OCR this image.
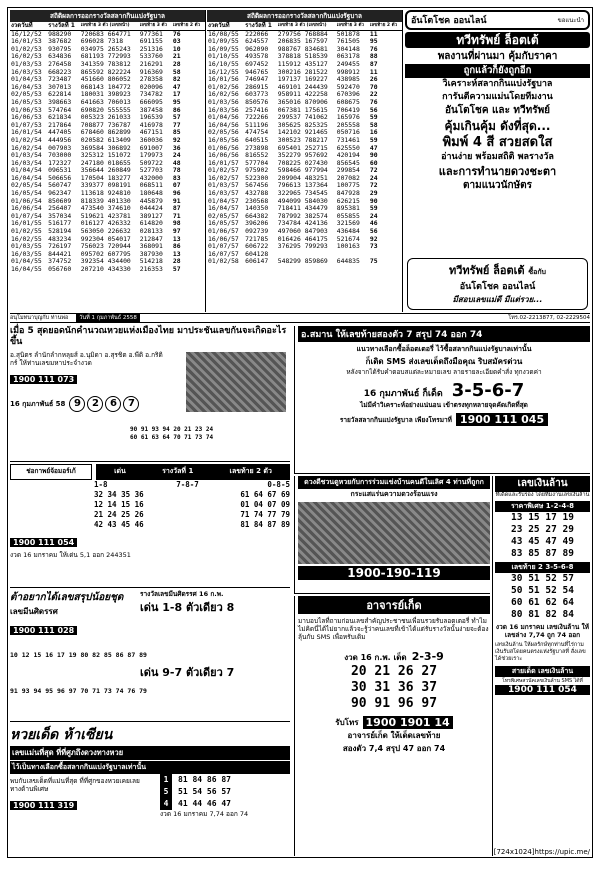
สถิติผลการออกรางวัลสลากกินแบ่งรัฐบาล
งวดวันที่	รางวัลที่ 1	เลขท้าย 3 ตัว (เลขหน้า)	เลขท้าย 3 ตัว	เลขท้าย 2 ตัว
16/12/52	988290	720683 664771	977361	76
16/01/53	387682	696028 7318	691155	03
01/02/53	930795	034975 265243	251316	10
16/02/53	634836	681193 772993	533760	21
01/03/53	276458	341359 783812	216291	28
16/03/53	668223	865592 822224	916369	58
01/04/53	723487	451660 806052	278358	82
16/04/53	307013	068143 104772	020096	47
02/05/53	622814	180031 398923	734782	17
16/05/53	398663	641663 706013	666095	95
01/06/53	574764	690820 555555	387458	86
16/06/53	621834	005323 261033	196539	57
01/07/53	217864	708877 736787	416978	77
16/01/54	447405	678460 862899	467151	85
01/02/54	444956	020582 613409	360036	92
16/02/54	007903	369584 306892	691007	36
01/03/54	703000	325312 151072	179973	24
16/03/54	172327	247180 018655	509722	48
01/04/54	096531	356644 260849	527703	78
16/04/54	506656	170504 183277	432000	83
02/05/54	560747	339377 098191	068511	07
16/05/54	962347	113618 924810	180648	96
01/06/54	850609	818339 401330	445879	91
16/06/54	256407	473540 374610	044424	87
01/07/54	357034	519621 423781	389127	71
16/01/55	516177	016127 426332	614820	98
01/02/55	528194	563050 226632	028133	97
16/02/55	483234	992304 054017	212847	13
01/03/55	726197	756023 720944	368091	86
16/03/55	844421	095702 607795	387930	13
01/04/55	374752	392354 434400	514218	28
16/04/55	056760	207210 434330	216353	57
สถิติผลการออกรางวัลสลากกินแบ่งรัฐบาล
งวดวันที่	รางวัลที่ 1	เลขท้าย 3 ตัว (เลขหน้า)	เลขท้าย 3 ตัว	เลขท้าย 2 ตัว
16/08/55	222066	279756 768884	501878	11
01/09/55	624557	206835 167597	761505	95
16/09/55	962090	988767 834681	304148	76
01/10/55	493578	378818 518539	063178	88
16/10/55	697452	115912 435127	249455	87
16/12/55	946765	300216 281522	998912	11
16/01/56	746947	197137 169227	438985	26
01/02/56	286915	469101 244439	592470	70
16/02/56	603773	958911 422258	670396	22
01/03/56	850576	365016 870906	608675	76
16/03/56	257416	067381 175615	706419	56
01/04/56	722266	299537 741062	165976	59
16/04/56	511196	305625 825325	205558	58
02/05/56	474754	142102 921465	050716	16
16/05/56	640515	300523 788217	731461	59
01/06/56	273898	695401 252715	625550	47
16/06/56	816552	352279 957692	420194	90
16/01/57	577704	708225 027430	856545	60
01/02/57	975902	598466 977994	299854	72
16/02/57	522300	209904 483251	207082	24
01/03/57	567456	796613 137364	100775	72
16/03/57	432788	322965 734545	847928	29
01/04/57	230568	494099 584030	626215	90
16/04/57	140350	718411 434479	895381	59
02/05/57	664382	787992 382574	055855	24
16/05/57	396206	734784 424136	321569	46
01/06/57	092739	497060 847903	436484	56
16/06/57	721785	016426 464175	521674	92
01/07/57	606722	376295 799293	100163	73
16/07/57	604128			
01/02/58	606147	548299 859869	644835	75
อันโตโชค ออนไลน์	ขอแนะนำ
ทวีทรัพย์ ล็อตเต้
พลงานที่ผ่านมา คุ้มกับราคา
ถูกแล้วก็ยังถูกอีก
วิเคราะห์สลากกินแบ่งรัฐบาล
การันตีความแม่นโดยทีมงาน
อันโตโชค และ ทวีทรัพย์
คุ้มเกินคุ้ม ดังที่สุด...
พิมพ์ 4 สี สวยสดใส
อ่านง่าย พร้อมสถิติ พลรางวัล
และการทำนายดวงชะตา
ตามแนวนักษัตร
ทวีทรัพย์ ล็อตเต้ ซื้อกับ
อันโตโชค ออนไลน์
มีสอบเลขแม่ดี มีแต่รวย...
อนุโมทนาบุญกับ ท่านพ่อ	วันที่ 1 กุมภาพันธ์ 2558	โทร.02-2213877, 02-2229504
เมื่อ 5 สุดยอดนักคำนวณหวยแห่งเมืองไทย มาประชันเลขกันจะเกิดอะไรขึ้น
อ.สุนิตร ลำนักลำกหลุยส์ อ.นุมิดา อ.สุรชิต อ.พีติ อ.กริติกร์ ให้ท่านเลขมหาประจำงวด
1900 111 073
16 กุมภาพันธ์ 58 9	2	6	7
90 91 93 94 20 21 23 24
60 61 63 64 70 71 73 74
ช่อกาพย์จ้อมอร์เก้	เด่น	รางวัลที่ 1	เลขท้าย 2 ตัว
1-8	7-8-7	0-8-5
32 34 35 36	61 64 67 69
12 14 15 16	01 04 07 09
21 24 25 26	71 74 77 79
42 43 45 46	81 84 87 89
1900 111 054
งวด 16 มกราคม ให้เด่น 5,1 ออก 244351
ต้าอยากได้เลขสรุปน้อยชุด
เลขมีนศิดรรศ
1900 111 028
รางวัลเลขมีนศิดรรศ 16 ก.พ.
เด่น 1-8 ตัวเดียว 8
10 12 15 16 17 19 80 82 85 86 87 89
เด่น 9-7 ตัวเดียว 7
91 93 94 95 96 97 70 71 73 74 76 79
หวยเด็ด ห้าเซียน
เลขแม่นที่สุด ที่ที่ศูภถึงดวงทางหวย
ไว้เป็นทางเลือกซื้อสลากกินแบ่งรัฐบาลเท่านั้น
พบกับเลขเด็ดที่แม่นที่สุด ที่ที่ศูกของหวยเคยเลยทางด้านพิเศษ
1900 111 319
หวยเด็ด ห้าเซียน
1 81 84 86 87
5 51 54 56 57
4 41 44 46 47
งวด 16 มกราคม 7,74 ออก 74
อ.สมาน ให้เลขท้ายสองตัว 7 สรุป 74 ออก 74
แนวทางเลือกซื้อล็อตเตอรี่ ไว้ซื้อสลากกินแบ่งรัฐบาลเท่านั้น
ก็เดิด SMS ส่งเลขเด็ดถึงมือคุณ ริบสมัครด่วน
หลังจากได้รับคำตอบสแต่ละหมายเลข ลายรายละเอียดคำสั่ง ทุกงวดค่า
16 กุมภาพันธ์ ก็เด็ด 3-5-6-7
ไม่มีคำวิเคราะห์อย่างแน่นอน เข้าตรงทุกหลายจุดคัดเกิดที่สุด
รายวัลสลากกินแบ่งรัฐบาล เพียงโทรมาที่ 1900 111 045
ดวงดีชวนดูหวยกับการร่วมแข่งบ้านคนดีในเลิศ 4 ท่านที่ถูกก
กระแสแร่นความดวงร้อนแรง
1900-190-119
อาจารย์เก็ด
มาบอบไลที่ถามก่อนเลขสำคัญประชาชนเพื่อนรวยรับลอตเตอรี่ ทำไมไม่คิดนี่ได้ไม่ยากแล้วจะรู้ว่าคนเลขที่เข้าได้แต่รับรางวัลนั้นง่ายจะต้องลุ้นกับ SMS เพื่อหรับเดิม
งวด 16 ก.พ. เด็ด 2-3-9
20 21 26 27
30 31 36 37
90 91 96 97
รับโทร 1900 1901 14
อาจารย์เก็ด ให้เด็ดเลขท้าย
สองตัว 7,4 สรุป 47 ออก 74
เลขเงินล้าน
ที่เด็ดและรับรอง โดยทีมงานเลขเงินล้าน
ราคาพิเศษ 1-2-4-8
13 15 17 19
23 25 27 29
43 45 47 49
83 85 87 89
เลขท้าย 2 3-5-6-8
30 51 52 57
50 51 52 54
60 61 62 64
80 81 82 84
งวด 16 มกราคม เลขเงินล้าน ให้เลขล่าง 7,74 ถูก 74 ออก
เลขเงินล้าน ให้ผลรักษ์ทุกท่านที่ไร่กามเงินรับสโดยคนตรงแห่งรัฐบาลที่ สั่งเลขได้ช่วยเราะ
สายเด็ด เลขเงินล้าน
โทรพิเศษสวนัคเลขเงินล้าน SMS ได้ที่
1900 111 054
[724x1024]https://upic.me/
